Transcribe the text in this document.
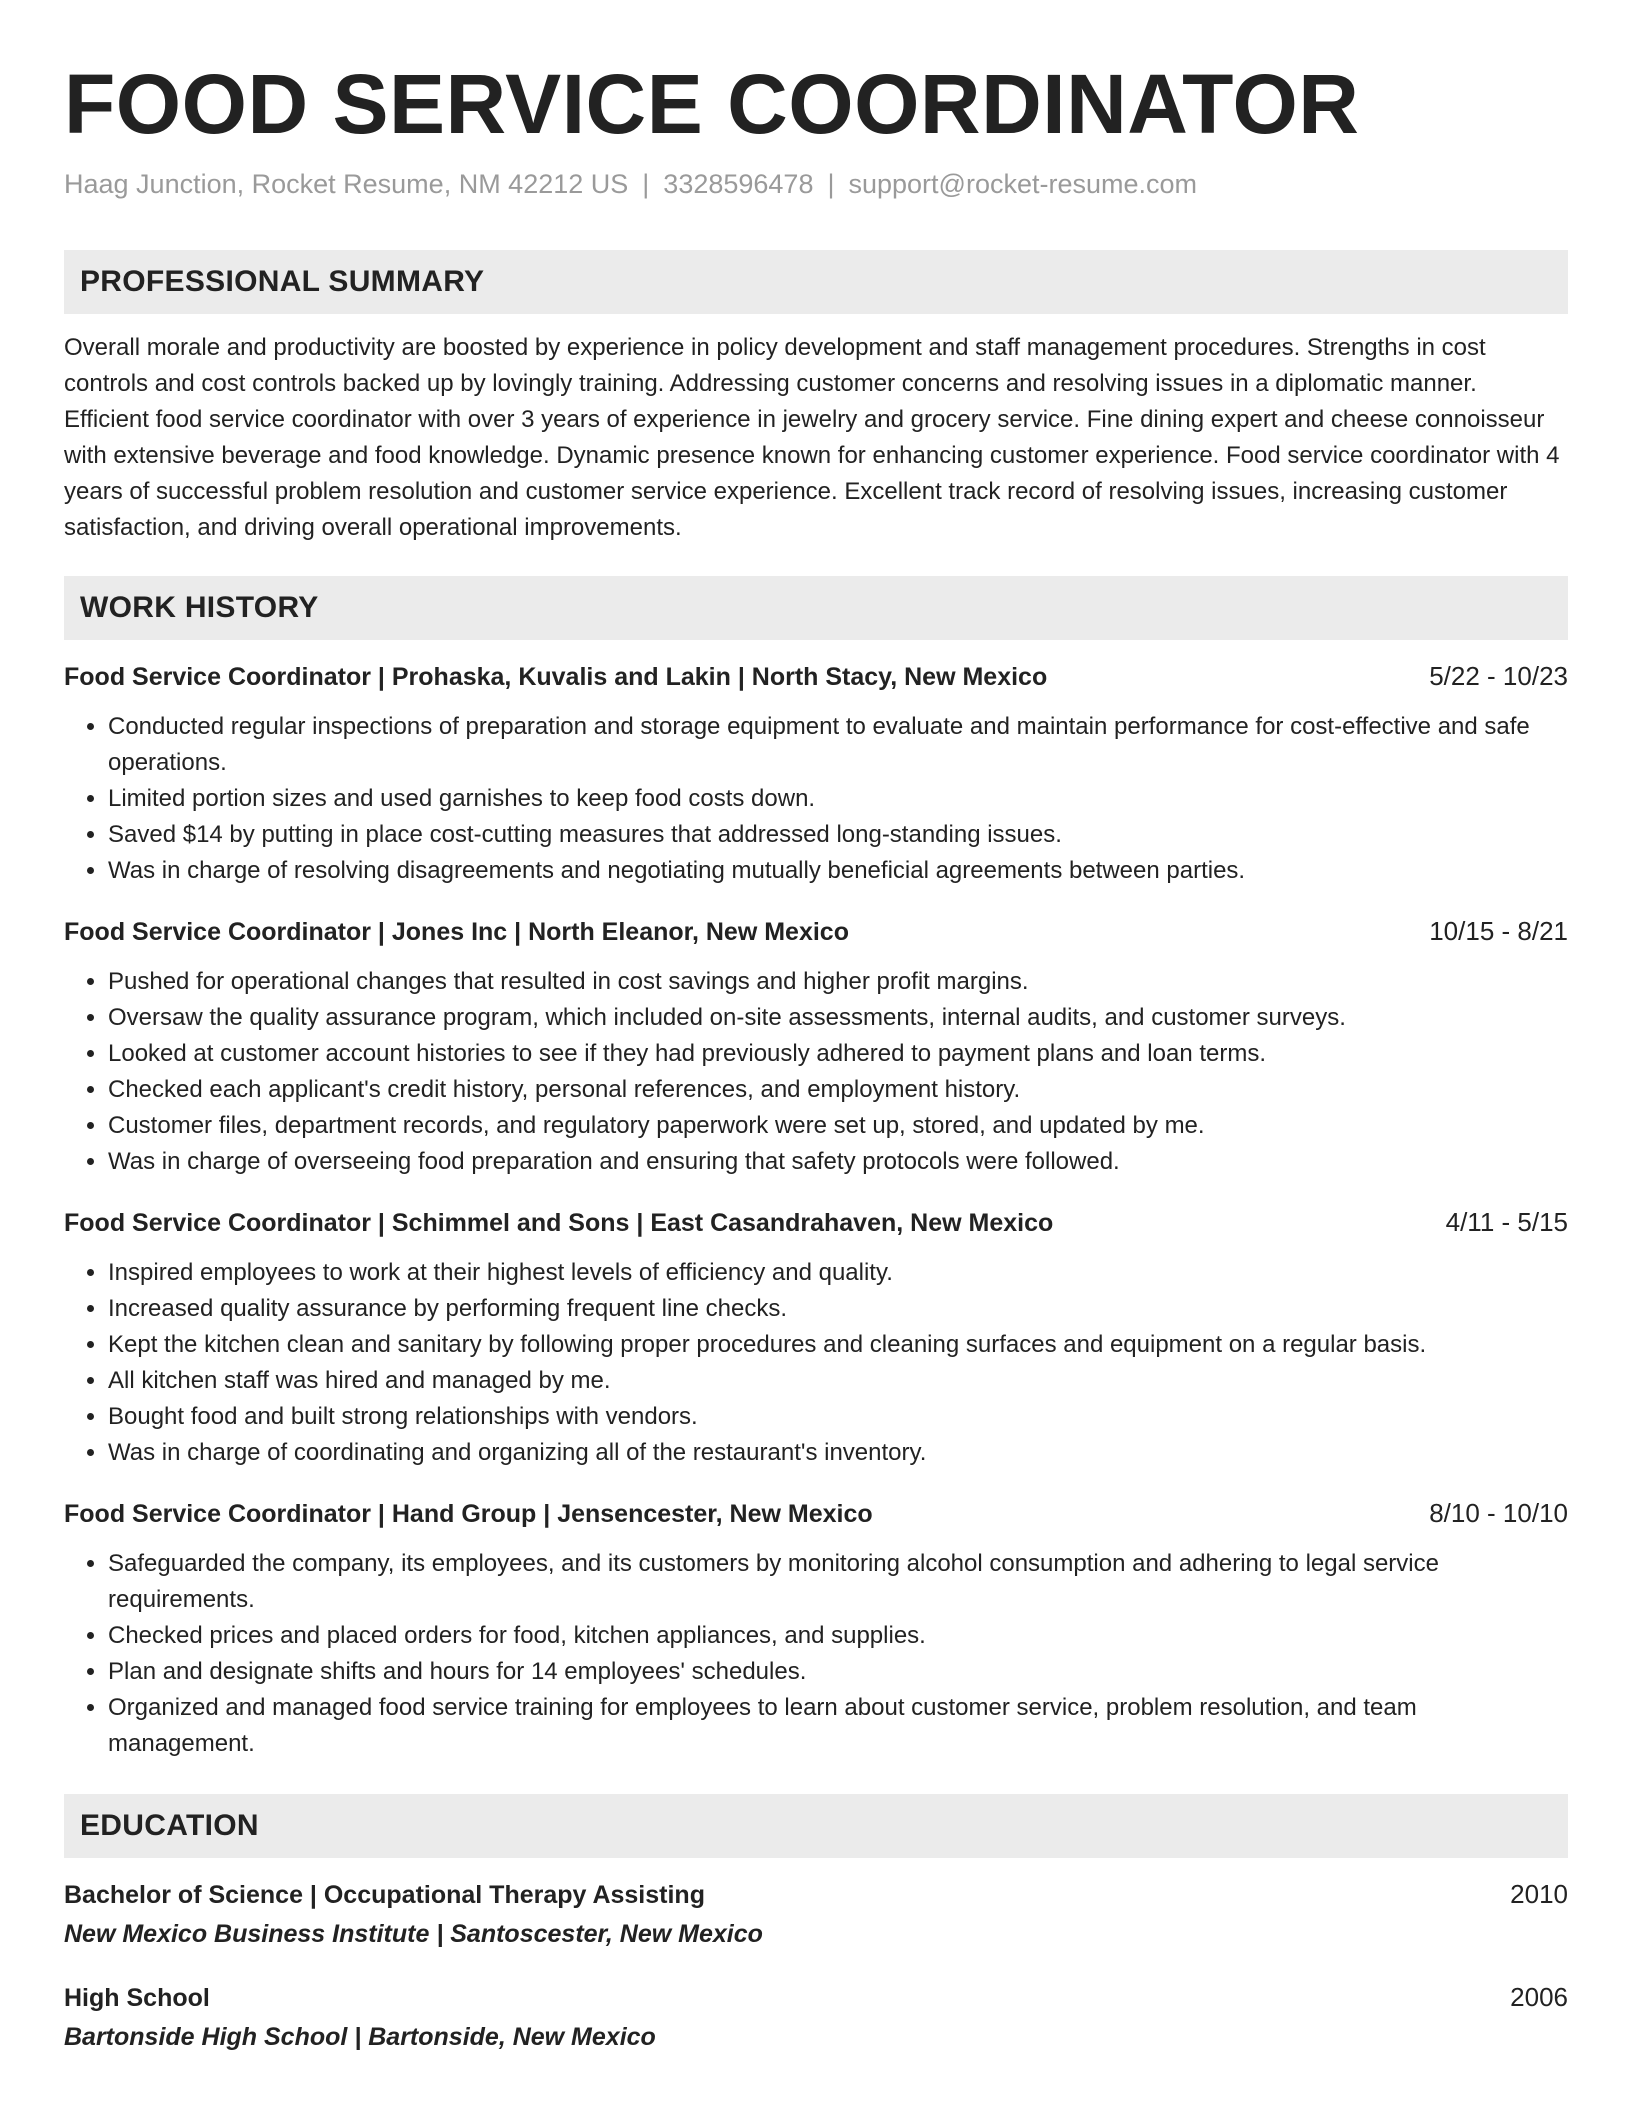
FOOD SERVICE COORDINATOR
Haag Junction, Rocket Resume, NM 42212 US | 3328596478 | support@rocket-resume.com
PROFESSIONAL SUMMARY

Overall morale and productivity are boosted by experience in policy development and staff management procedures. Strengths in cost controls and cost controls backed up by lovingly training. Addressing customer concerns and resolving issues in a diplomatic manner. Efficient food service coordinator with over 3 years of experience in jewelry and grocery service. Fine dining expert and cheese connoisseur with extensive beverage and food knowledge. Dynamic presence known for enhancing customer experience. Food service coordinator with 4 years of successful problem resolution and customer service experience. Excellent track record of resolving issues, increasing customer satisfaction, and driving overall operational improvements.

WORK HISTORY
Food Service Coordinator | Prohaska, Kuvalis and Lakin | North Stacy, New Mexico	5/22 - 10/23
• Conducted regular inspections of preparation and storage equipment to evaluate and maintain performance for cost-effective and safe operations.
• Limited portion sizes and used garnishes to keep food costs down.
• Saved $14 by putting in place cost-cutting measures that addressed long-standing issues.
• Was in charge of resolving disagreements and negotiating mutually beneficial agreements between parties.
Food Service Coordinator | Jones Inc | North Eleanor, New Mexico	10/15 - 8/21
• Pushed for operational changes that resulted in cost savings and higher profit margins.
• Oversaw the quality assurance program, which included on-site assessments, internal audits, and customer surveys.
• Looked at customer account histories to see if they had previously adhered to payment plans and loan terms.
• Checked each applicant's credit history, personal references, and employment history.
• Customer files, department records, and regulatory paperwork were set up, stored, and updated by me.
• Was in charge of overseeing food preparation and ensuring that safety protocols were followed.
Food Service Coordinator | Schimmel and Sons | East Casandrahaven, New Mexico	4/11 - 5/15
• Inspired employees to work at their highest levels of efficiency and quality.
• Increased quality assurance by performing frequent line checks.
• Kept the kitchen clean and sanitary by following proper procedures and cleaning surfaces and equipment on a regular basis.
• All kitchen staff was hired and managed by me.
• Bought food and built strong relationships with vendors.
• Was in charge of coordinating and organizing all of the restaurant's inventory.
Food Service Coordinator | Hand Group | Jensencester, New Mexico	8/10 - 10/10
• Safeguarded the company, its employees, and its customers by monitoring alcohol consumption and adhering to legal service requirements.
• Checked prices and placed orders for food, kitchen appliances, and supplies.
• Plan and designate shifts and hours for 14 employees' schedules.
• Organized and managed food service training for employees to learn about customer service, problem resolution, and team management.
EDUCATION
Bachelor of Science | Occupational Therapy Assisting	2010
New Mexico Business Institute | Santoscester, New Mexico
High School	2006
Bartonside High School | Bartonside, New Mexico
